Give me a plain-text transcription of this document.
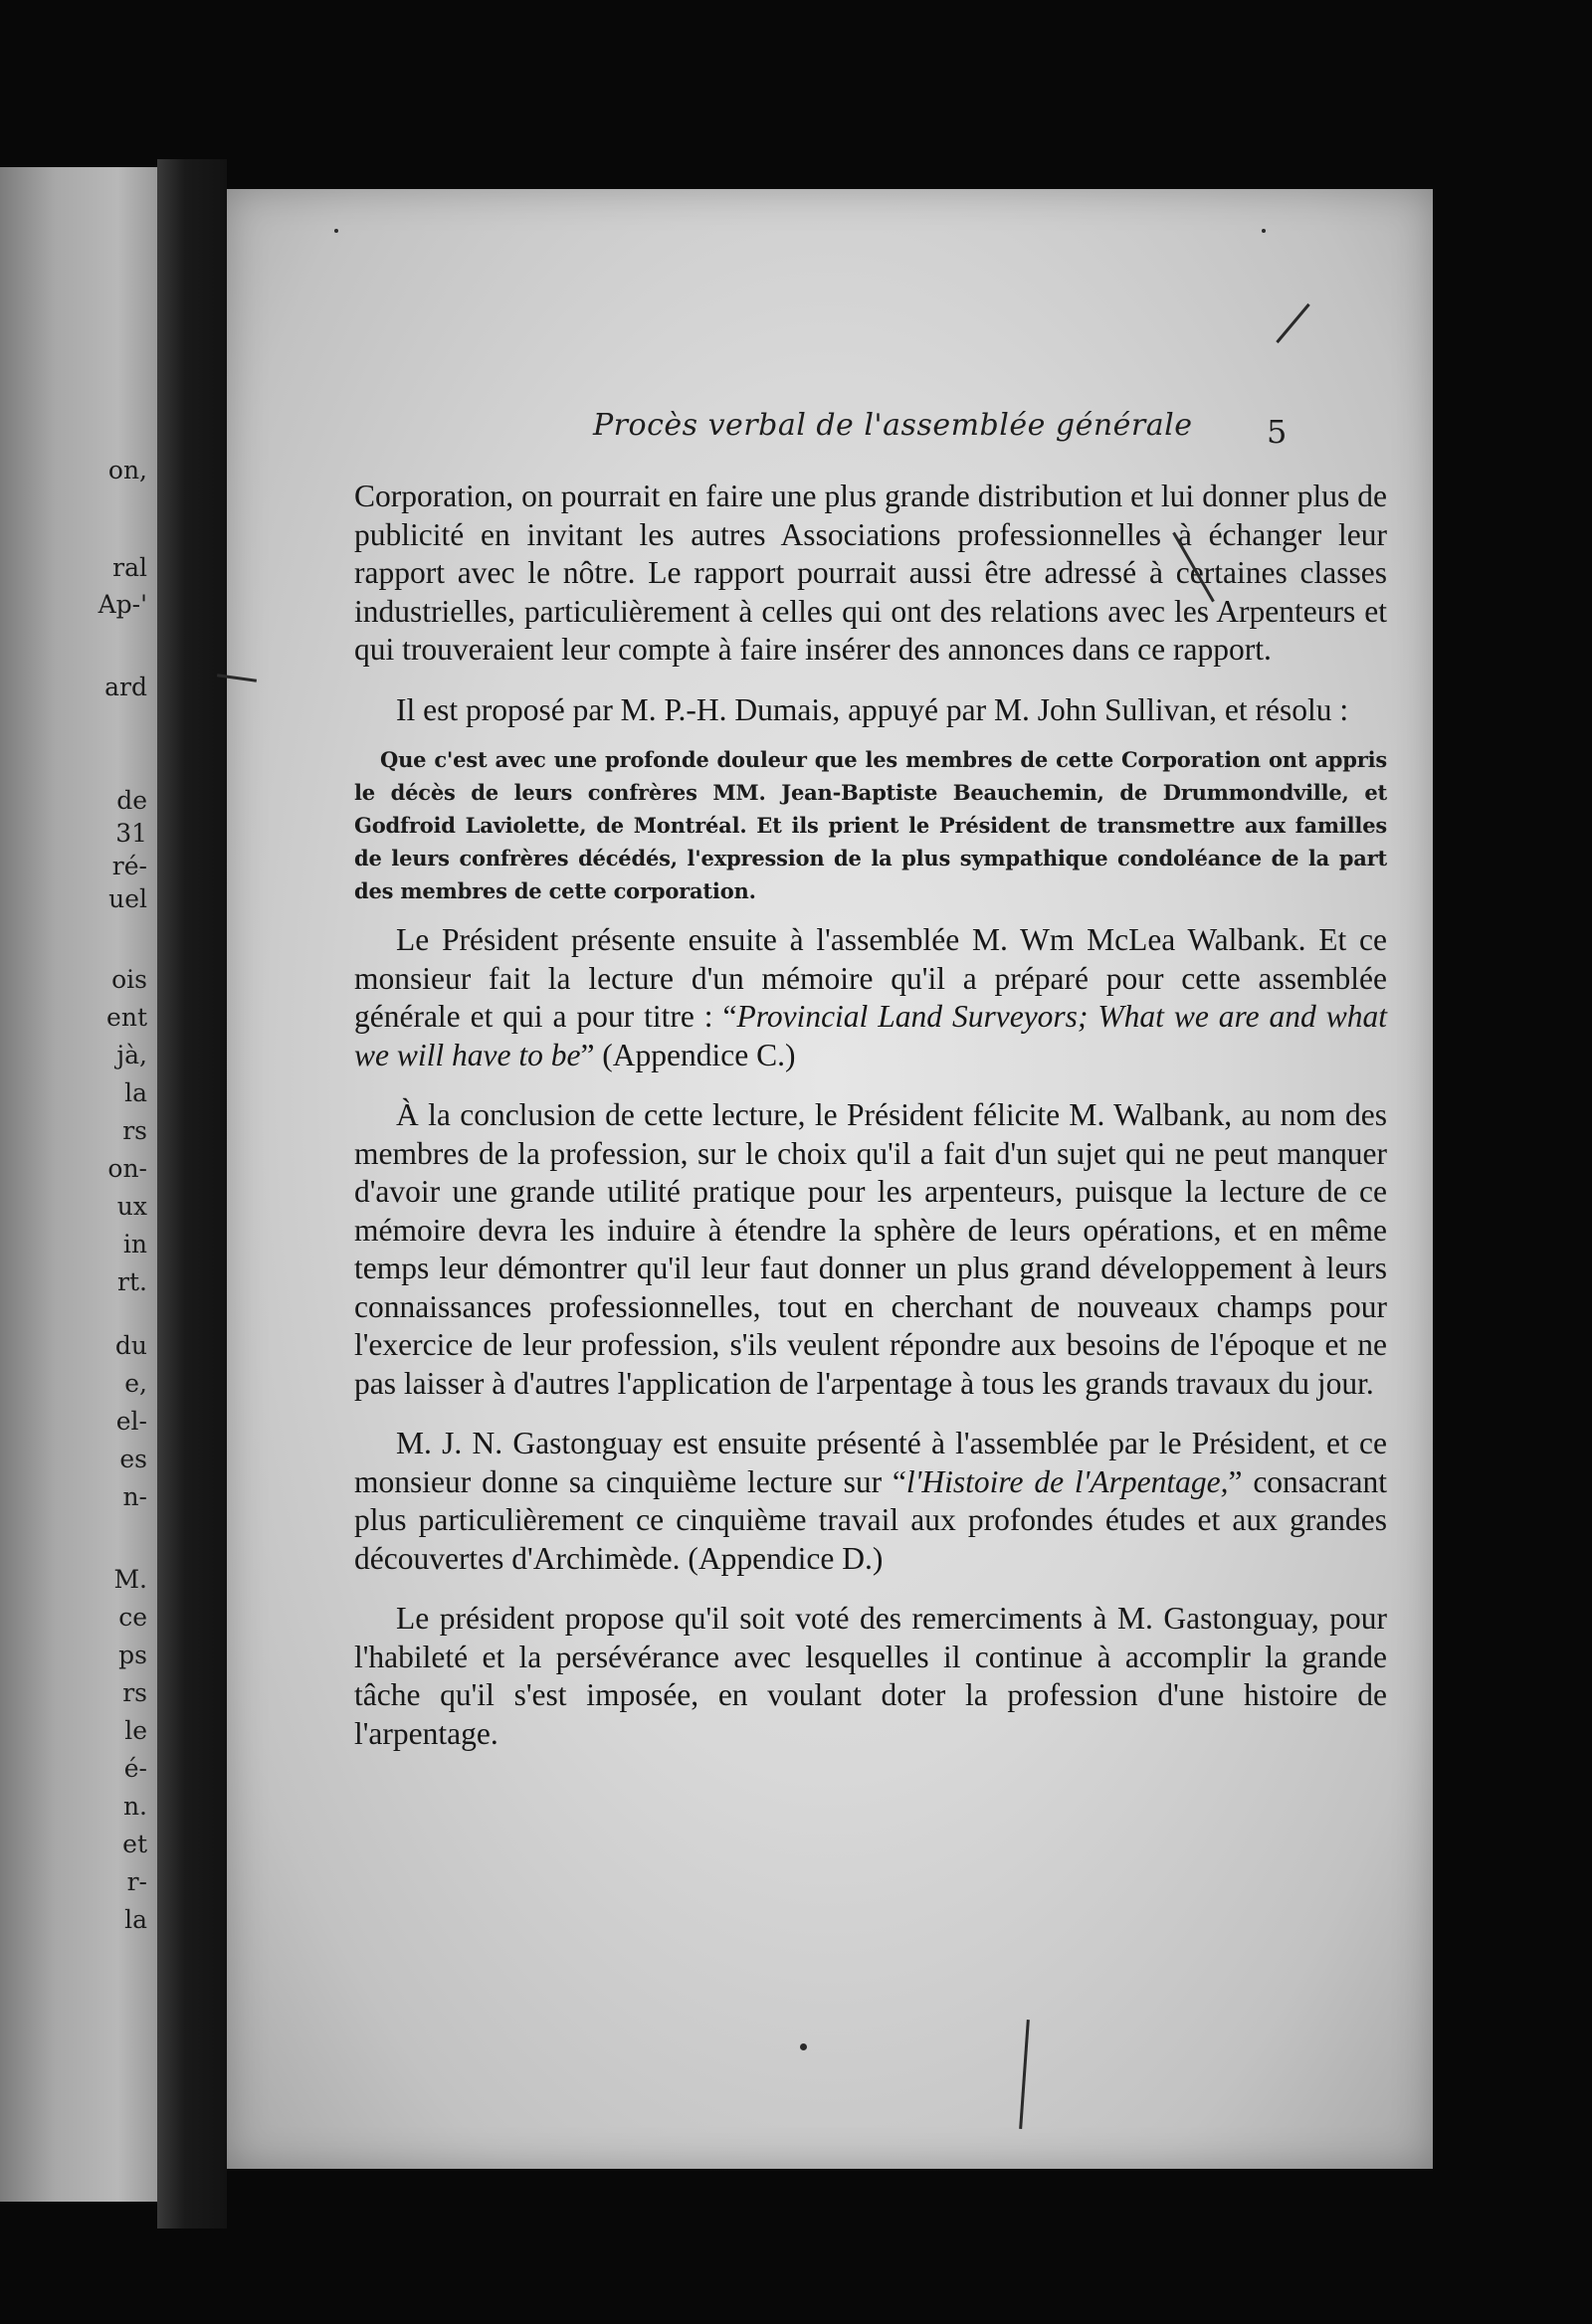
on,
ral
Ap-'
ard
de
31
ré-
uel
ois
ent
jà,
la
rs
on-
ux
in
rt.
du
e,
el-
es
n-
M.
ce
ps
rs
le
é-
n.
et
r-
la
Procès verbal de l'assemblée générale 5

Corporation, on pourrait en faire une plus grande distribution et lui donner plus de publicité en invitant les autres Associations professionnelles à échanger leur rapport avec le nôtre. Le rapport pourrait aussi être adressé à certaines classes industrielles, particulièrement à celles qui ont des relations avec les Arpenteurs et qui trouveraient leur compte à faire insérer des annonces dans ce rapport.

Il est proposé par M. P.-H. Dumais, appuyé par M. John Sullivan, et résolu :

Que c'est avec une profonde douleur que les membres de cette Corporation ont appris le décès de leurs confrères MM. Jean-Baptiste Beauchemin, de Drummondville, et Godfroid Laviolette, de Montréal. Et ils prient le Président de transmettre aux familles de leurs confrères décédés, l'expression de la plus sympathique condoléance de la part des membres de cette corporation.

Le Président présente ensuite à l'assemblée M. Wm McLea Walbank. Et ce monsieur fait la lecture d'un mémoire qu'il a préparé pour cette assemblée générale et qui a pour titre : “Provincial Land Surveyors; What we are and what we will have to be” (Appendice C.)

À la conclusion de cette lecture, le Président félicite M. Walbank, au nom des membres de la profession, sur le choix qu'il a fait d'un sujet qui ne peut manquer d'avoir une grande utilité pratique pour les arpenteurs, puisque la lecture de ce mémoire devra les induire à étendre la sphère de leurs opérations, et en même temps leur démontrer qu'il leur faut donner un plus grand développement à leurs connaissances professionnelles, tout en cherchant de nouveaux champs pour l'exercice de leur profession, s'ils veulent répondre aux besoins de l'époque et ne pas laisser à d'autres l'application de l'arpentage à tous les grands travaux du jour.

M. J. N. Gastonguay est ensuite présenté à l'assemblée par le Président, et ce monsieur donne sa cinquième lecture sur “l'Histoire de l'Arpentage,” consacrant plus particulièrement ce cinquième travail aux profondes études et aux grandes découvertes d'Archimède. (Appendice D.)

Le président propose qu'il soit voté des remerciments à M. Gastonguay, pour l'habileté et la persévérance avec lesquelles il continue à accomplir la grande tâche qu'il s'est imposée, en voulant doter la profession d'une histoire de l'arpentage.
